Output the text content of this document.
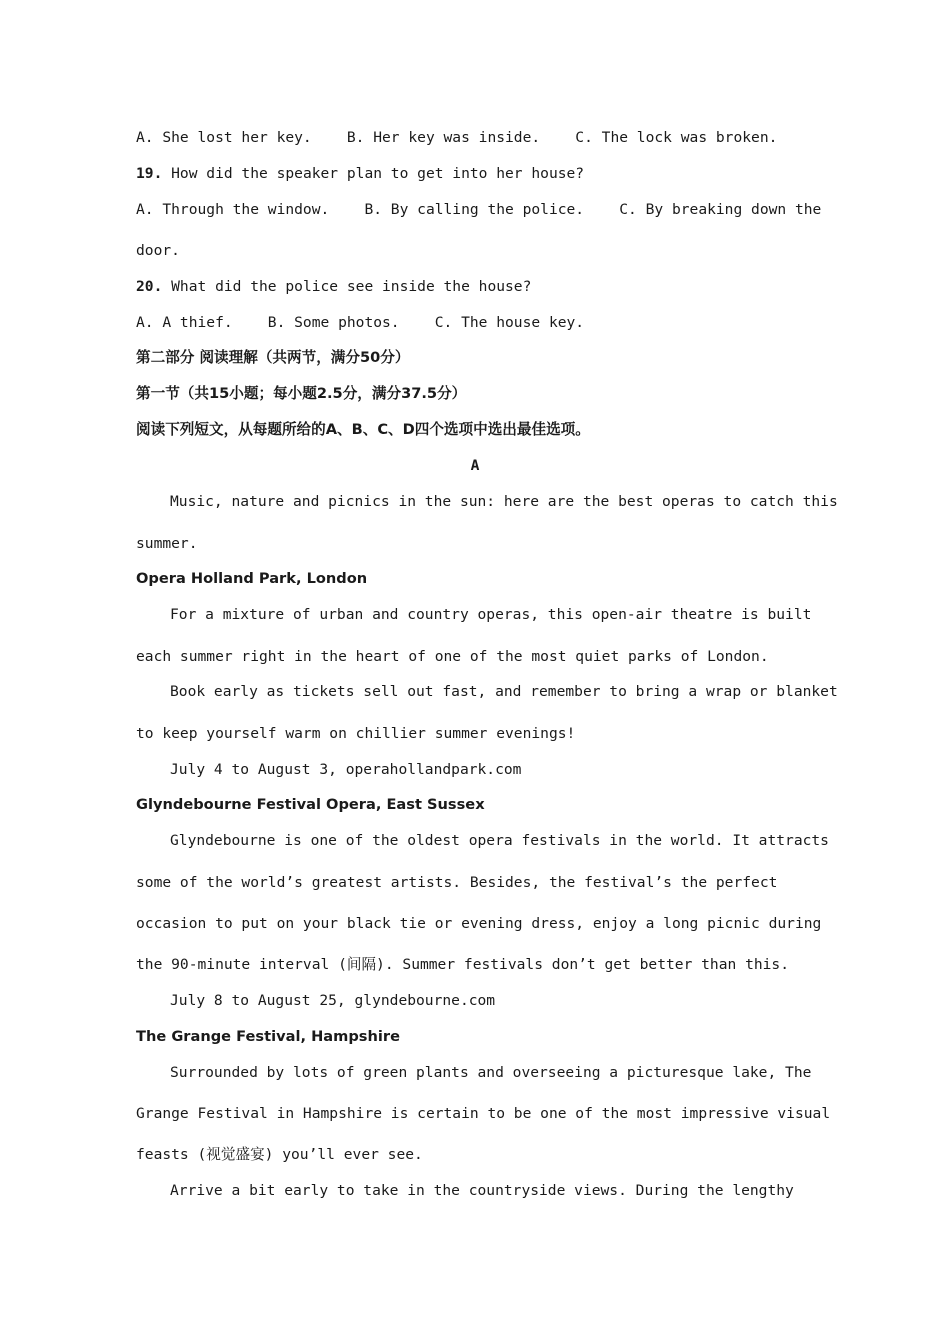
A. She lost her key.    B. Her key was inside.    C. The lock was broken.
19. How did the speaker plan to get into her house?
A. Through the window.    B. By calling the police.    C. By breaking down the
door.
20. What did the police see inside the house?
A. A thief.    B. Some photos.    C. The house key.
第二部分 阅读理解（共两节，满分50分）
第一节（共15小题；每小题2.5分，满分37.5分）
阅读下列短文，从每题所给的A、B、C、D四个选项中选出最佳选项。
A
Music, nature and picnics in the sun: here are the best operas to catch this
summer.
Opera Holland Park, London
For a mixture of urban and country operas, this open-air theatre is built
each summer right in the heart of one of the most quiet parks of London.
Book early as tickets sell out fast, and remember to bring a wrap or blanket
to keep yourself warm on chillier summer evenings!
July 4 to August 3, operahollandpark.com
Glyndebourne Festival Opera, East Sussex
Glyndebourne is one of the oldest opera festivals in the world. It attracts
some of the world’s greatest artists. Besides, the festival’s the perfect
occasion to put on your black tie or evening dress, enjoy a long picnic during
the 90-minute interval (间隔). Summer festivals don’t get better than this.
July 8 to August 25, glyndebourne.com
The Grange Festival, Hampshire
Surrounded by lots of green plants and overseeing a picturesque lake, The
Grange Festival in Hampshire is certain to be one of the most impressive visual
feasts (视觉盛宴) you’ll ever see.
Arrive a bit early to take in the countryside views. During the lengthy
